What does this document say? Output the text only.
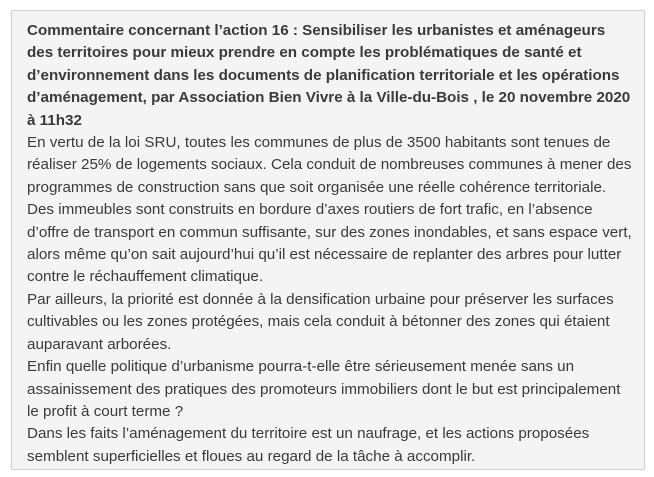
Commentaire concernant l’action 16 : Sensibiliser les urbanistes et aménageurs des territoires pour mieux prendre en compte les problématiques de santé et d’environnement dans les documents de planification territoriale et les opérations d’aménagement, par Association Bien Vivre à la Ville-du-Bois , le 20 novembre 2020 à 11h32

En vertu de la loi SRU, toutes les communes de plus de 3500 habitants sont tenues de réaliser 25% de logements sociaux. Cela conduit de nombreuses communes à mener des programmes de construction sans que soit organisée une réelle cohérence territoriale. Des immeubles sont construits en bordure d’axes routiers de fort trafic, en l’absence d’offre de transport en commun suffisante, sur des zones inondables, et sans espace vert, alors même qu’on sait aujourd’hui qu’il est nécessaire de replanter des arbres pour lutter contre le réchauffement climatique.

Par ailleurs, la priorité est donnée à la densification urbaine pour préserver les surfaces cultivables ou les zones protégées, mais cela conduit à bétonner des zones qui étaient auparavant arborées.

Enfin quelle politique d’urbanisme pourra-t-elle être sérieusement menée sans un assainissement des pratiques des promoteurs immobiliers dont le but est principalement le profit à court terme ?

Dans les faits l’aménagement du territoire est un naufrage, et les actions proposées semblent superficielles et floues au regard de la tâche à accomplir.
